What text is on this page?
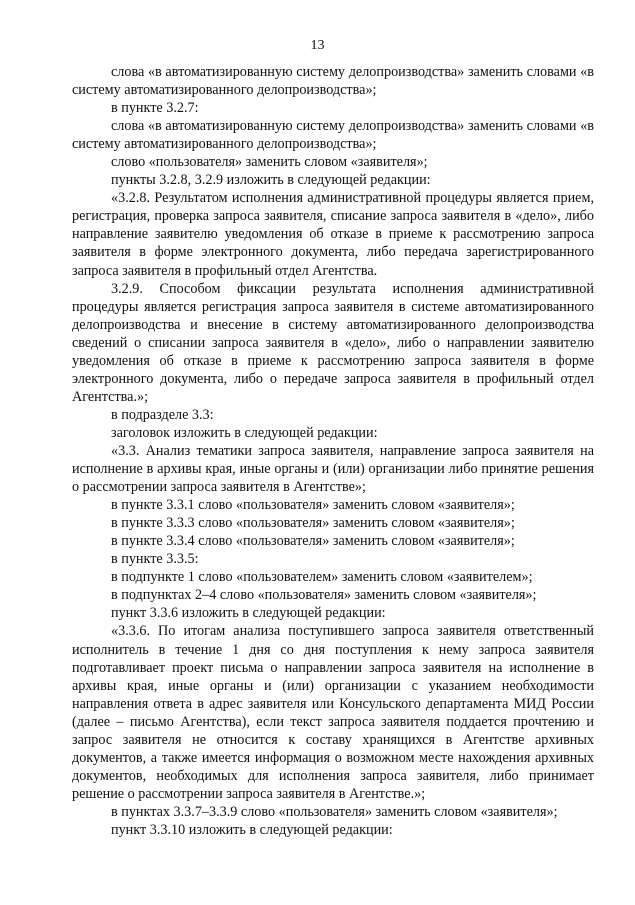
13

слова «в автоматизированную систему делопроизводства» заменить словами «в систему автоматизированного делопроизводства»;

в пункте 3.2.7:

слова «в автоматизированную систему делопроизводства» заменить словами «в систему автоматизированного делопроизводства»;

слово «пользователя» заменить словом «заявителя»;

пункты 3.2.8, 3.2.9 изложить в следующей редакции:

«3.2.8. Результатом исполнения административной процедуры является прием, регистрация, проверка запроса заявителя, списание запроса заявителя в «дело», либо направление заявителю уведомления об отказе в приеме к рассмотрению запроса заявителя в форме электронного документа, либо передача зарегистрированного запроса заявителя в профильный отдел Агентства.

3.2.9. Способом фиксации результата исполнения административной процедуры является регистрация запроса заявителя в системе автоматизированного делопроизводства и внесение в систему автоматизированного делопроизводства сведений о списании запроса заявителя в «дело», либо о направлении заявителю уведомления об отказе в приеме к рассмотрению запроса заявителя в форме электронного документа, либо о передаче запроса заявителя в профильный отдел Агентства.»;

в подразделе 3.3:

заголовок изложить в следующей редакции:

«3.3. Анализ тематики запроса заявителя, направление запроса заявителя на исполнение в архивы края, иные органы и (или) организации либо принятие решения о рассмотрении запроса заявителя в Агентстве»;

в пункте 3.3.1 слово «пользователя» заменить словом «заявителя»;

в пункте 3.3.3 слово «пользователя» заменить словом «заявителя»;

в пункте 3.3.4 слово «пользователя» заменить словом «заявителя»;

в пункте 3.3.5:

в подпункте 1 слово «пользователем» заменить словом «заявителем»;

в подпунктах 2–4 слово «пользователя» заменить словом «заявителя»;

пункт 3.3.6 изложить в следующей редакции:

«3.3.6. По итогам анализа поступившего запроса заявителя ответственный исполнитель в течение 1 дня со дня поступления к нему запроса заявителя подготавливает проект письма о направлении запроса заявителя на исполнение в архивы края, иные органы и (или) организации с указанием необходимости направления ответа в адрес заявителя или Консульского департамента МИД России (далее – письмо Агентства), если текст запроса заявителя поддается прочтению и запрос заявителя не относится к составу хранящихся в Агентстве архивных документов, а также имеется информация о возможном месте нахождения архивных документов, необходимых для исполнения запроса заявителя, либо принимает решение о рассмотрении запроса заявителя в Агентстве.»;

в пунктах 3.3.7–3.3.9 слово «пользователя» заменить словом «заявителя»;

пункт 3.3.10 изложить в следующей редакции:
